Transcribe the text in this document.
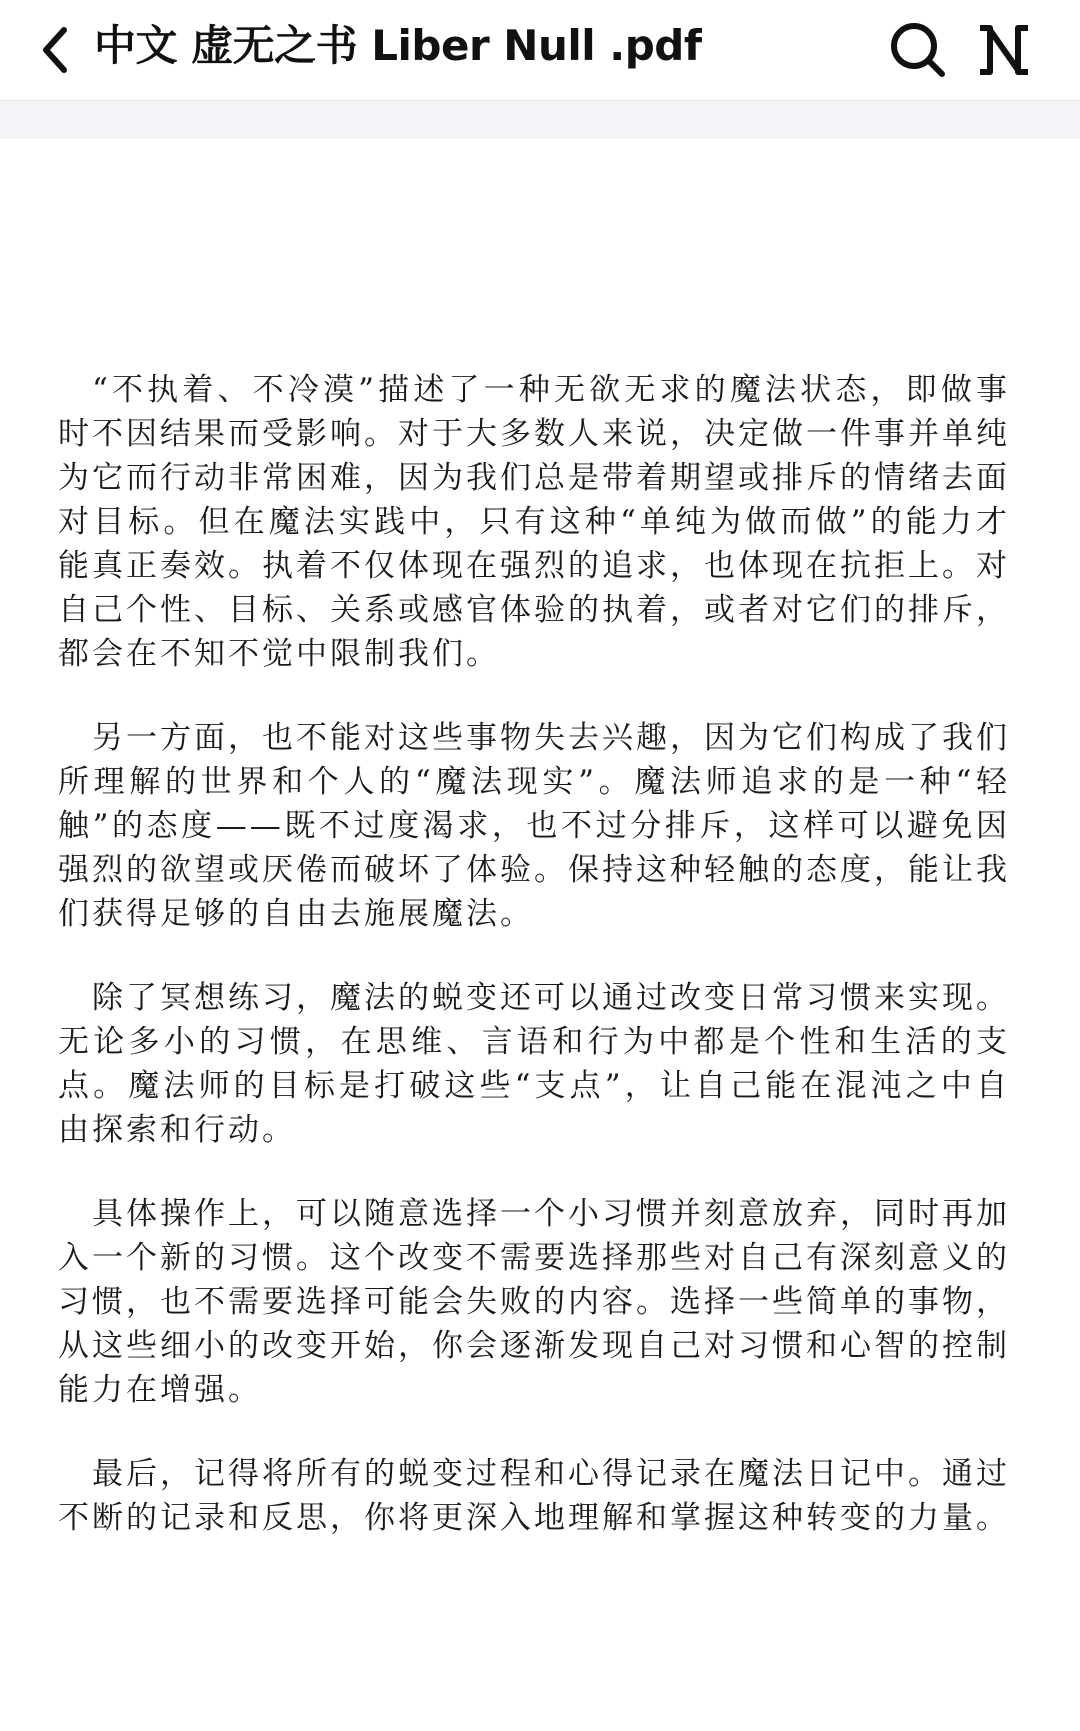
中文 虚无之书 Liber Null .pdf

“不执着、不冷漠”描述了一种无欲无求的魔法状态，即做事时不因结果而受影响。对于大多数人来说，决定做一件事并单纯为它而行动非常困难，因为我们总是带着期望或排斥的情绪去面对目标。但在魔法实践中，只有这种“单纯为做而做”的能力才能真正奏效。执着不仅体现在强烈的追求，也体现在抗拒上。对自己个性、目标、关系或感官体验的执着，或者对它们的排斥，都会在不知不觉中限制我们。

另一方面，也不能对这些事物失去兴趣，因为它们构成了我们所理解的世界和个人的“魔法现实”。魔法师追求的是一种“轻触”的态度——既不过度渴求，也不过分排斥，这样可以避免因强烈的欲望或厌倦而破坏了体验。保持这种轻触的态度，能让我们获得足够的自由去施展魔法。

除了冥想练习，魔法的蜕变还可以通过改变日常习惯来实现。无论多小的习惯，在思维、言语和行为中都是个性和生活的支点。魔法师的目标是打破这些“支点”，让自己能在混沌之中自由探索和行动。

具体操作上，可以随意选择一个小习惯并刻意放弃，同时再加入一个新的习惯。这个改变不需要选择那些对自己有深刻意义的习惯，也不需要选择可能会失败的内容。选择一些简单的事物，从这些细小的改变开始，你会逐渐发现自己对习惯和心智的控制能力在增强。

最后，记得将所有的蜕变过程和心得记录在魔法日记中。通过不断的记录和反思，你将更深入地理解和掌握这种转变的力量。
